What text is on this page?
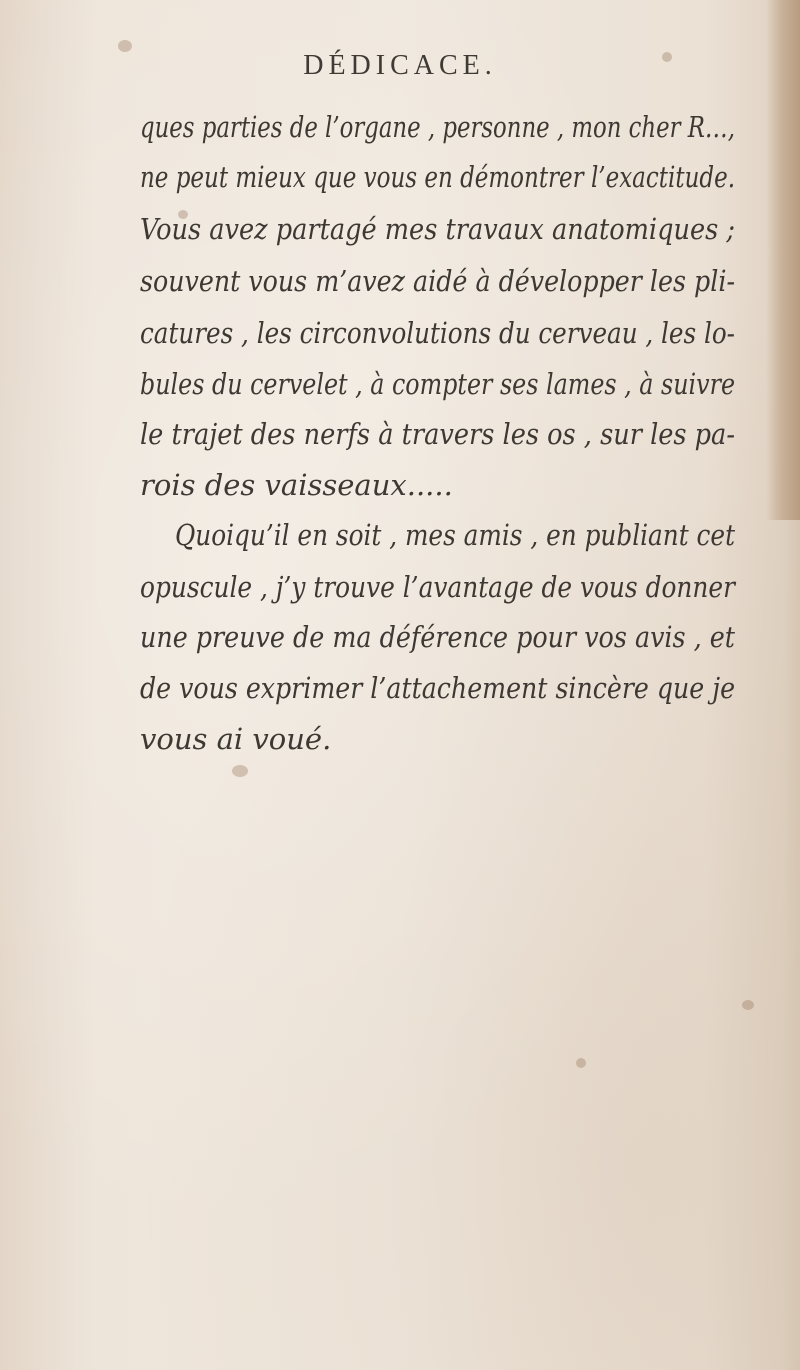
DÉDICACE.
ques parties de l’organe , personne , mon cher R…,
ne peut mieux que vous en démontrer l’exactitude.
Vous avez partagé mes travaux anatomiques ;
souvent vous m’avez aidé à développer les pli-
catures , les circonvolutions du cerveau , les lo-
bules du cervelet , à compter ses lames , à suivre
le trajet des nerfs à travers les os , sur les pa-
rois des vaisseaux.....
Quoiqu’il en soit , mes amis , en publiant cet
opuscule , j’y trouve l’avantage de vous donner
une preuve de ma déférence pour vos avis , et
de vous exprimer l’attachement sincère que je
vous ai voué.
